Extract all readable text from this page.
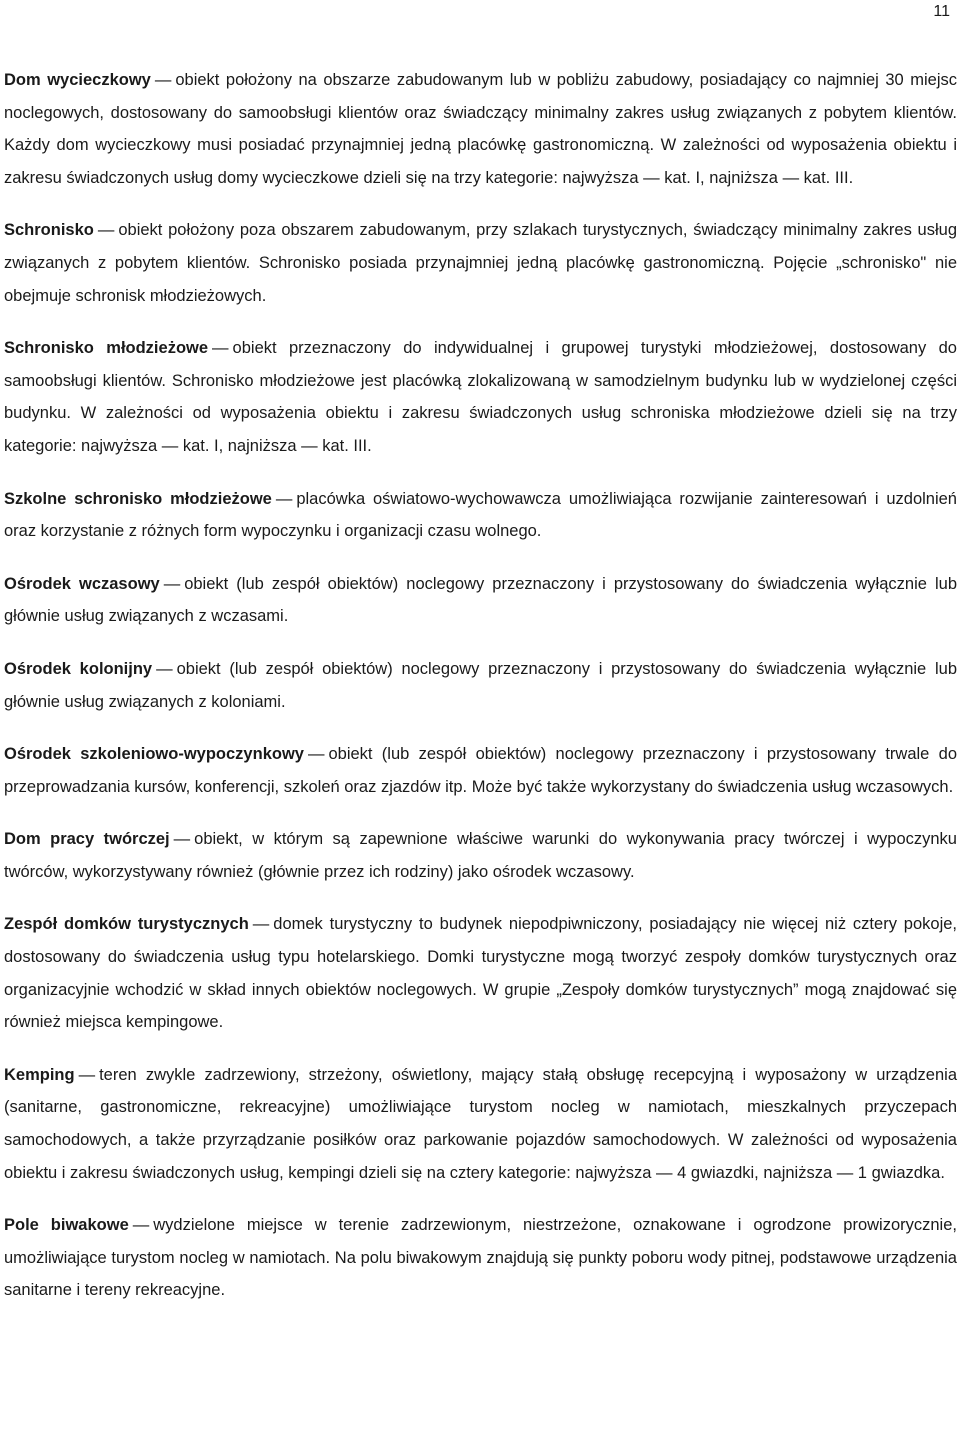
11

Dom wycieczkowy — obiekt położony na obszarze zabudowanym lub w pobliżu zabudowy, posiadający co najmniej 30 miejsc noclegowych, dostosowany do samoobsługi klientów oraz świadczący minimalny zakres usług związanych z pobytem klientów. Każdy dom wycieczkowy musi posiadać przynajmniej jedną placówkę gastronomiczną. W zależności od wyposażenia obiektu i zakresu świadczonych usług domy wycieczkowe dzieli się na trzy kategorie: najwyższa — kat. I, najniższa — kat. III.

Schronisko — obiekt położony poza obszarem zabudowanym, przy szlakach turystycznych, świadczący minimalny zakres usług związanych z pobytem klientów. Schronisko posiada przynajmniej jedną placówkę gastronomiczną. Pojęcie „schronisko" nie obejmuje schronisk młodzieżowych.

Schronisko młodzieżowe — obiekt przeznaczony do indywidualnej i grupowej turystyki młodzieżowej, dostosowany do samoobsługi klientów. Schronisko młodzieżowe jest placówką zlokalizowaną w samodzielnym budynku lub w wydzielonej części budynku. W zależności od wyposażenia obiektu i zakresu świadczonych usług schroniska młodzieżowe dzieli się na trzy kategorie: najwyższa — kat. I, najniższa — kat. III.

Szkolne schronisko młodzieżowe — placówka oświatowo-wychowawcza umożliwiająca rozwijanie zainteresowań i uzdolnień oraz korzystanie z różnych form wypoczynku i organizacji czasu wolnego.

Ośrodek wczasowy — obiekt (lub zespół obiektów) noclegowy przeznaczony i przystosowany do świadczenia wyłącznie lub głównie usług związanych z wczasami.

Ośrodek kolonijny — obiekt (lub zespół obiektów) noclegowy przeznaczony i przystosowany do świadczenia wyłącznie lub głównie usług związanych z koloniami.

Ośrodek szkoleniowo-wypoczynkowy — obiekt (lub zespół obiektów) noclegowy przeznaczony i przystosowany trwale do przeprowadzania kursów, konferencji, szkoleń oraz zjazdów itp. Może być także wykorzystany do świadczenia usług wczasowych.

Dom pracy twórczej — obiekt, w którym są zapewnione właściwe warunki do wykonywania pracy twórczej i wypoczynku twórców, wykorzystywany również (głównie przez ich rodziny) jako ośrodek wczasowy.

Zespół domków turystycznych — domek turystyczny to budynek niepodpiwniczony, posiadający nie więcej niż cztery pokoje, dostosowany do świadczenia usług typu hotelarskiego. Domki turystyczne mogą tworzyć zespoły domków turystycznych oraz organizacyjnie wchodzić w skład innych obiektów noclegowych. W grupie „Zespoły domków turystycznych” mogą znajdować się również miejsca kempingowe.

Kemping — teren zwykle zadrzewiony, strzeżony, oświetlony, mający stałą obsługę recepcyjną i wyposażony w urządzenia (sanitarne, gastronomiczne, rekreacyjne) umożliwiające turystom nocleg w namiotach, mieszkalnych przyczepach samochodowych, a także przyrządzanie posiłków oraz parkowanie pojazdów samochodowych. W zależności od wyposażenia obiektu i zakresu świadczonych usług, kempingi dzieli się na cztery kategorie: najwyższa — 4 gwiazdki, najniższa — 1 gwiazdka.

Pole biwakowe — wydzielone miejsce w terenie zadrzewionym, niestrzeżone, oznakowane i ogrodzone prowizorycznie, umożliwiające turystom nocleg w namiotach. Na polu biwakowym znajdują się punkty poboru wody pitnej, podstawowe urządzenia sanitarne i tereny rekreacyjne.
